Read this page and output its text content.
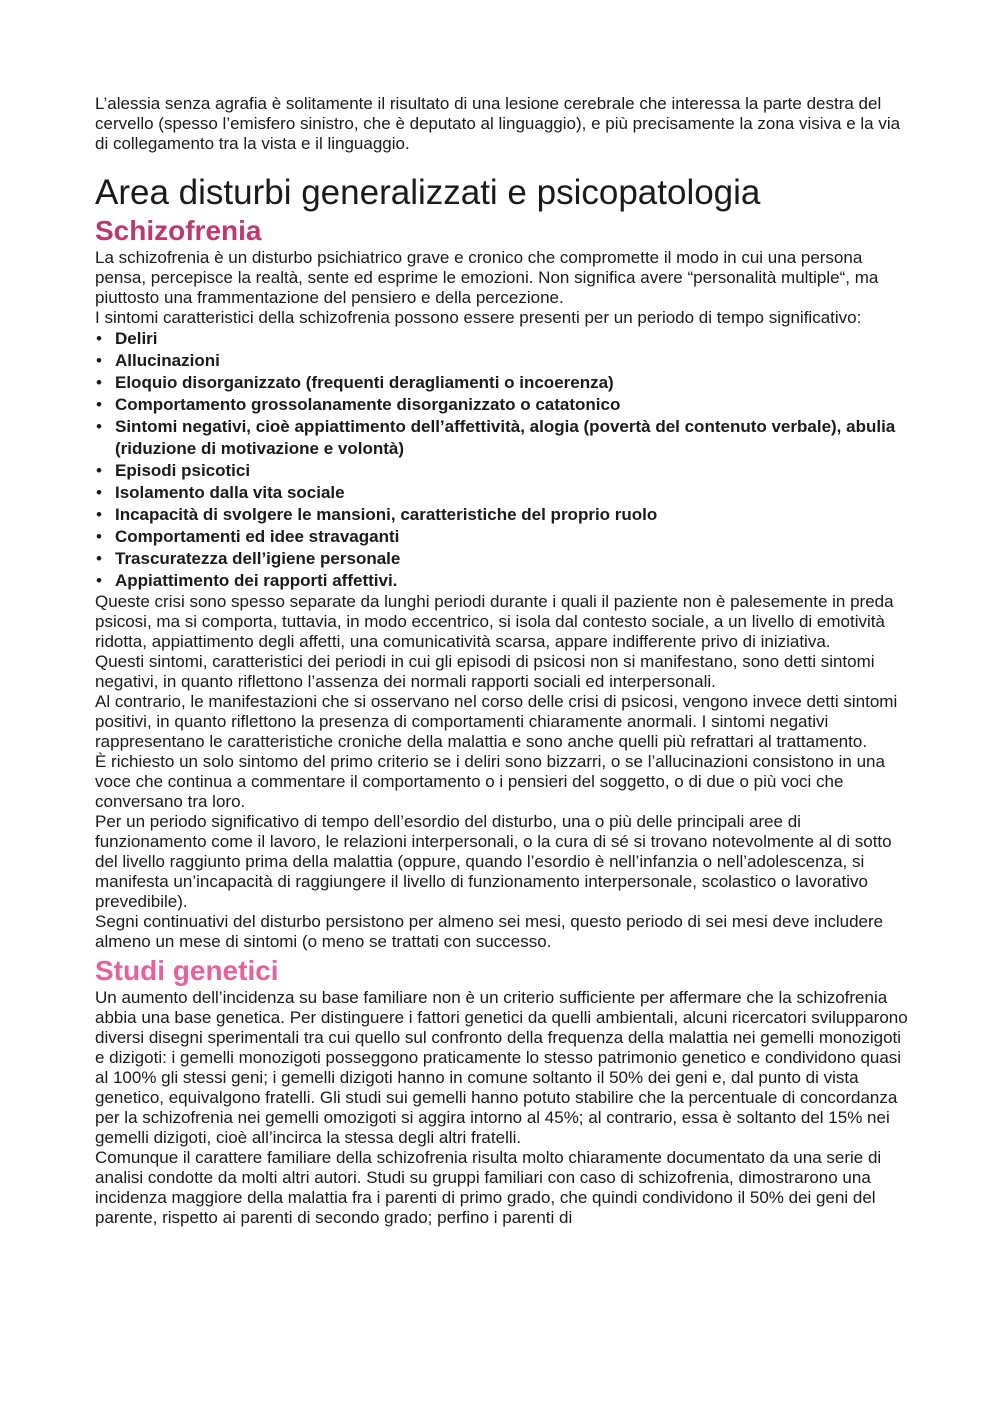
L’alessia senza agrafia è solitamente il risultato di una lesione cerebrale che interessa la parte destra del cervello (spesso l’emisfero sinistro, che è deputato al linguaggio), e più precisamente la zona visiva e la via di collegamento tra la vista e il linguaggio.

Area disturbi generalizzati e psicopatologia
Schizofrenia

La schizofrenia è un disturbo psichiatrico grave e cronico che compromette il modo in cui una persona pensa, percepisce la realtà, sente ed esprime le emozioni. Non significa avere “personalità multiple“, ma piuttosto una frammentazione del pensiero e della percezione.

I sintomi caratteristici della schizofrenia possono essere presenti per un periodo di tempo significativo:

• Deliri
• Allucinazioni
• Eloquio disorganizzato (frequenti deragliamenti o incoerenza)
• Comportamento grossolanamente disorganizzato o catatonico
• Sintomi negativi, cioè appiattimento dell’affettività, alogia (povertà del contenuto verbale), abulia (riduzione di motivazione e volontà)
• Episodi psicotici
• Isolamento dalla vita sociale
• Incapacità di svolgere le mansioni, caratteristiche del proprio ruolo
• Comportamenti ed idee stravaganti
• Trascuratezza dell’igiene personale
• Appiattimento dei rapporti affettivi.

Queste crisi sono spesso separate da lunghi periodi durante i quali il paziente non è palesemente in preda psicosi, ma si comporta, tuttavia, in modo eccentrico, si isola dal contesto sociale, a un livello di emotività ridotta, appiattimento degli affetti, una comunicatività scarsa, appare indifferente privo di iniziativa.

Questi sintomi, caratteristici dei periodi in cui gli episodi di psicosi non si manifestano, sono detti sintomi negativi, in quanto riflettono l’assenza dei normali rapporti sociali ed interpersonali.

Al contrario, le manifestazioni che si osservano nel corso delle crisi di psicosi, vengono invece detti sintomi positivi, in quanto riflettono la presenza di comportamenti chiaramente anormali. I sintomi negativi rappresentano le caratteristiche croniche della malattia e sono anche quelli più refrattari al trattamento.

È richiesto un solo sintomo del primo criterio se i deliri sono bizzarri, o se l’allucinazioni consistono in una voce che continua a commentare il comportamento o i pensieri del soggetto, o di due o più voci che conversano tra loro.

Per un periodo significativo di tempo dell’esordio del disturbo, una o più delle principali aree di funzionamento come il lavoro, le relazioni interpersonali, o la cura di sé si trovano notevolmente al di sotto del livello raggiunto prima della malattia (oppure, quando l’esordio è nell’infanzia o nell’adolescenza, si manifesta un’incapacità di raggiungere il livello di funzionamento interpersonale, scolastico o lavorativo prevedibile).

Segni continuativi del disturbo persistono per almeno sei mesi, questo periodo di sei mesi deve includere almeno un mese di sintomi (o meno se trattati con successo.

Studi genetici

Un aumento dell’incidenza su base familiare non è un criterio sufficiente per affermare che la schizofrenia abbia una base genetica. Per distinguere i fattori genetici da quelli ambientali, alcuni ricercatori svilupparono diversi disegni sperimentali tra cui quello sul confronto della frequenza della malattia nei gemelli monozigoti e dizigoti: i gemelli monozigoti posseggono praticamente lo stesso patrimonio genetico e condividono quasi al 100% gli stessi geni; i gemelli dizigoti hanno in comune soltanto il 50% dei geni e, dal punto di vista genetico, equivalgono fratelli. Gli studi sui gemelli hanno potuto stabilire che la percentuale di concordanza per la schizofrenia nei gemelli omozigoti si aggira intorno al 45%; al contrario, essa è soltanto del 15% nei gemelli dizigoti, cioè all’incirca la stessa degli altri fratelli.

Comunque il carattere familiare della schizofrenia risulta molto chiaramente documentato da una serie di analisi condotte da molti altri autori. Studi su gruppi familiari con caso di schizofrenia, dimostrarono una incidenza maggiore della malattia fra i parenti di primo grado, che quindi condividono il 50% dei geni del parente, rispetto ai parenti di secondo grado; perfino i parenti di
